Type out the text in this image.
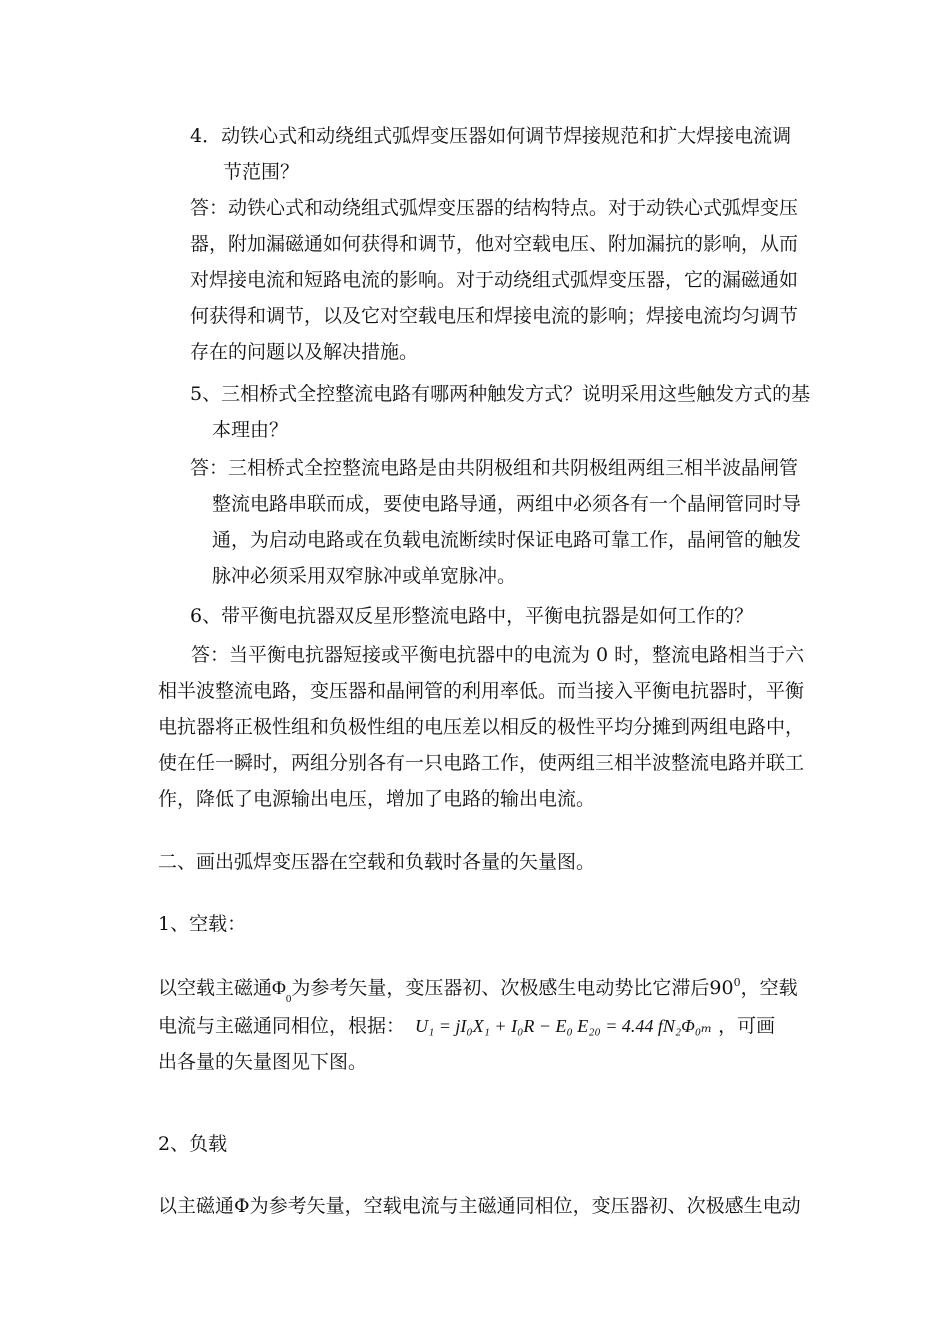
4．动铁心式和动绕组式弧焊变压器如何调节焊接规范和扩大焊接电流调
节范围？
答：动铁心式和动绕组式弧焊变压器的结构特点。对于动铁心式弧焊变压
器，附加漏磁通如何获得和调节，他对空载电压、附加漏抗的影响，从而
对焊接电流和短路电流的影响。对于动绕组式弧焊变压器，它的漏磁通如
何获得和调节，以及它对空载电压和焊接电流的影响；焊接电流均匀调节
存在的问题以及解决措施。
5、三相桥式全控整流电路有哪两种触发方式？说明采用这些触发方式的基
本理由？
答：三相桥式全控整流电路是由共阴极组和共阴极组两组三相半波晶闸管
整流电路串联而成，要使电路导通，两组中必须各有一个晶闸管同时导
通，为启动电路或在负载电流断续时保证电路可靠工作，晶闸管的触发
脉冲必须采用双窄脉冲或单宽脉冲。
6、带平衡电抗器双反星形整流电路中，平衡电抗器是如何工作的？
答：当平衡电抗器短接或平衡电抗器中的电流为 0 时，整流电路相当于六
相半波整流电路，变压器和晶闸管的利用率低。而当接入平衡电抗器时，平衡
电抗器将正极性组和负极性组的电压差以相反的极性平均分摊到两组电路中，
使在任一瞬时，两组分别各有一只电路工作，使两组三相半波整流电路并联工
作，降低了电源输出电压，增加了电路的输出电流。
二、画出弧焊变压器在空载和负载时各量的矢量图。
1、空载：
以空载主磁通$\Phi_0$为参考矢量，变压器初、次极感生电动势比它滞后$90^0$，空载
电流与主磁通同相位，根据： U₁ = jI₀X₁ + I₀R − E₀ E₂₀ = 4.44 fN₂Φ₀ₘ ，可画
出各量的矢量图见下图。
2、负载
以主磁通Φ为参考矢量，空载电流与主磁通同相位，变压器初、次极感生电动
